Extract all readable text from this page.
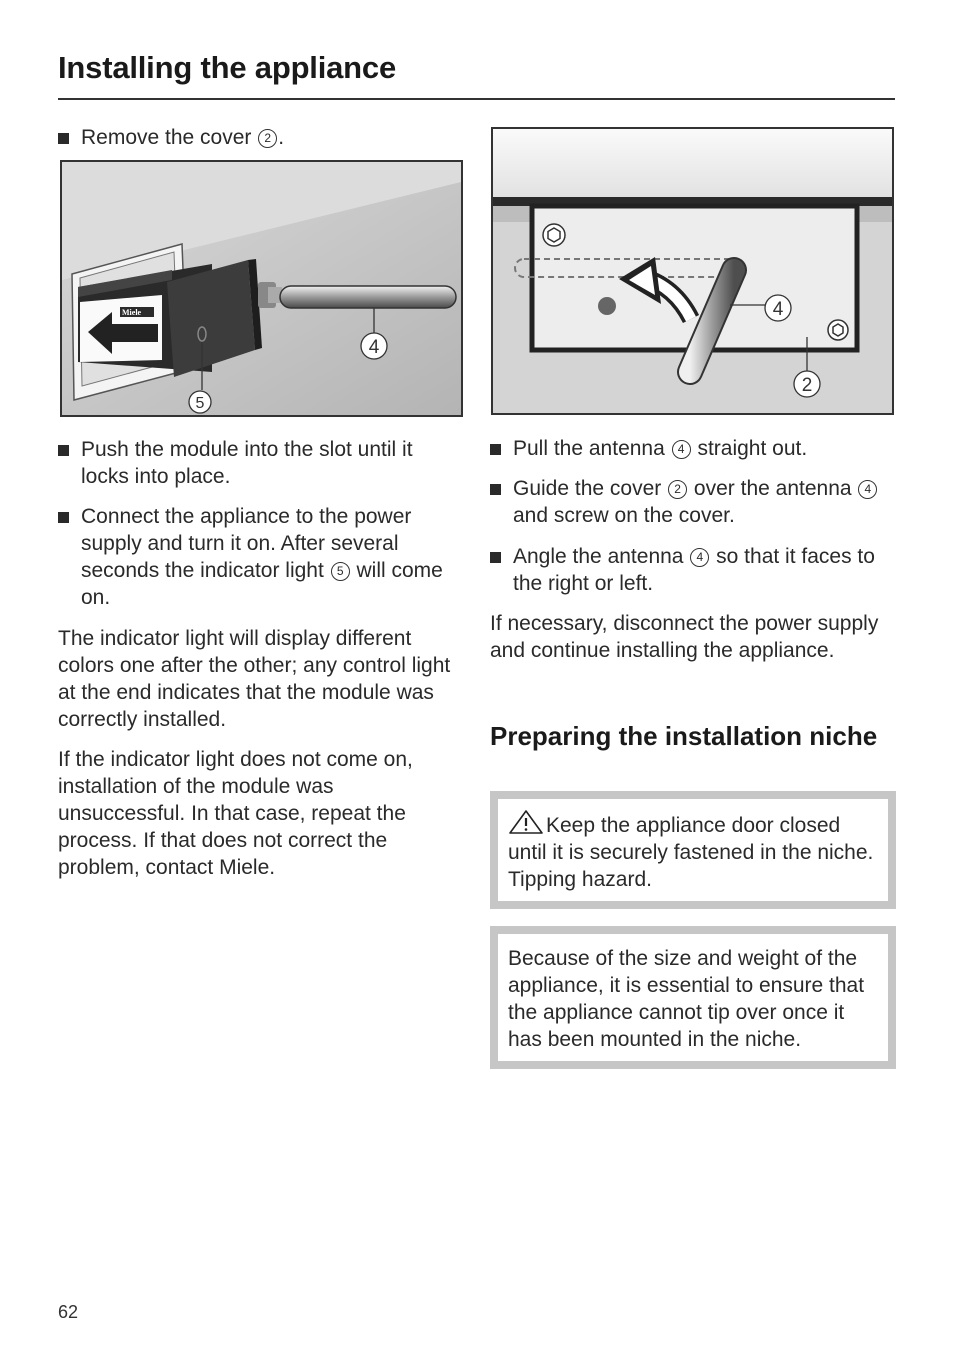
Installing the appliance
Remove the cover 2 .
Miele
4
5
Push the module into the slot until it locks into place.
Connect the appliance to the power supply and turn it on. After several seconds the indicator light 5 will come on.

The indicator light will display different colors one after the other; any control light at the end indicates that the module was correctly installed.

If the indicator light does not come on, installation of the module was unsuccessful. In that case, repeat the process. If that does not correct the problem, contact Miele.

4
2
Pull the antenna 4 straight out.
Guide the cover 2 over the antenna 4 and screw on the cover.
Angle the antenna 4 so that it faces to the right or left.

If necessary, disconnect the power supply and continue installing the appliance.

Preparing the installation niche

Keep the appliance door closed until it is securely fastened in the niche. Tipping hazard.

Because of the size and weight of the appliance, it is essential to ensure that the appliance cannot tip over once it has been mounted in the niche.

62
